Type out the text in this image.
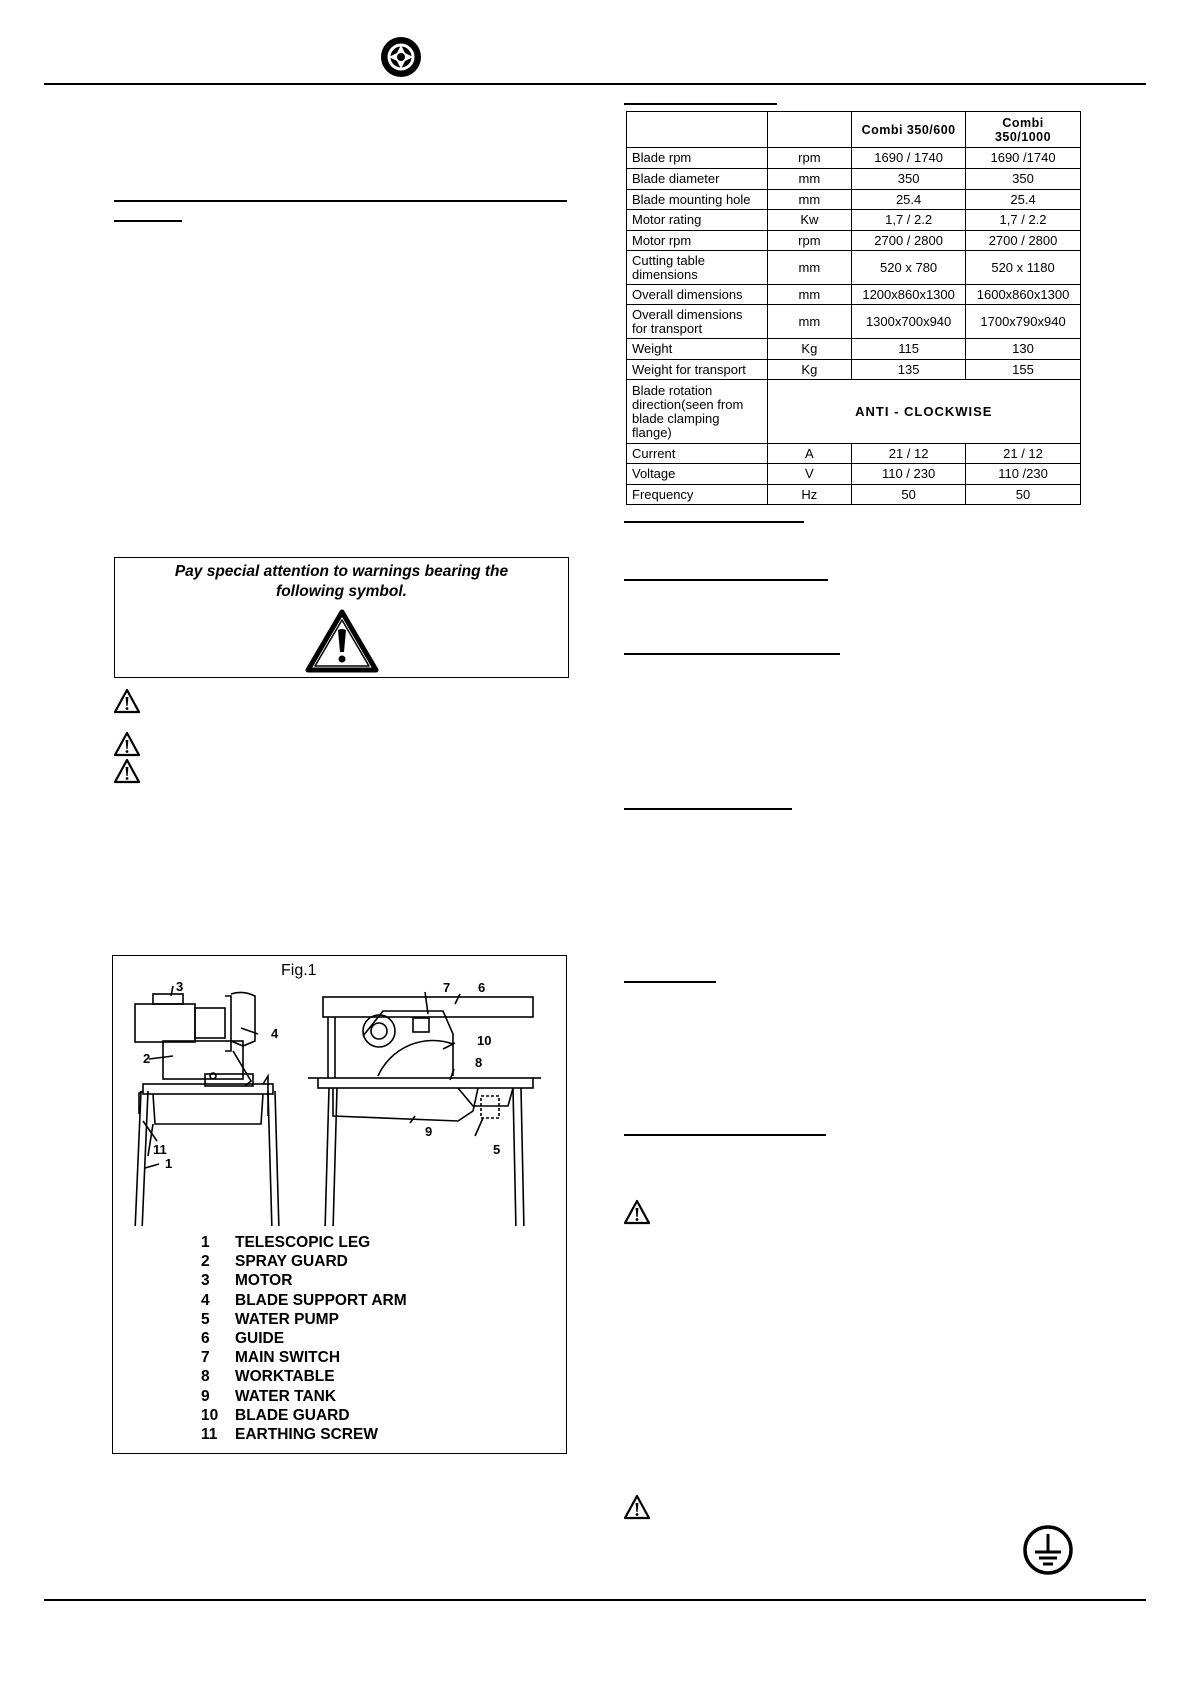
		Combi 350/600	Combi
350/1000
Blade rpm	rpm	1690 / 1740	1690 /1740
Blade diameter	mm	350	350
Blade mounting hole	mm	25.4	25.4
Motor rating	Kw	1,7 / 2.2	1,7 / 2.2
Motor rpm	rpm	2700 / 2800	2700 / 2800
Cutting table
dimensions	mm	520 x 780	520 x 1180
Overall dimensions	mm	1200x860x1300	1600x860x1300
Overall dimensions
for transport	mm	1300x700x940	1700x790x940
Weight	Kg	115	130
Weight for transport	Kg	135	155
Blade rotation
direction(seen from
blade clamping
flange)	ANTI - CLOCKWISE		
Current	A	21 / 12	21 / 12
Voltage	V	110 / 230	110 /230
Frequency	Hz	50	50
Pay special attention to warnings bearing the
following symbol.
Fig.1
3
4
2
11
1
7 6
10
8
9
5
1 TELESCOPIC LEG
2 SPRAY GUARD
3 MOTOR
4 BLADE SUPPORT ARM
5 WATER PUMP
6 GUIDE
7 MAIN SWITCH
8 WORKTABLE
9 WATER TANK
10 BLADE GUARD
11 EARTHING SCREW
